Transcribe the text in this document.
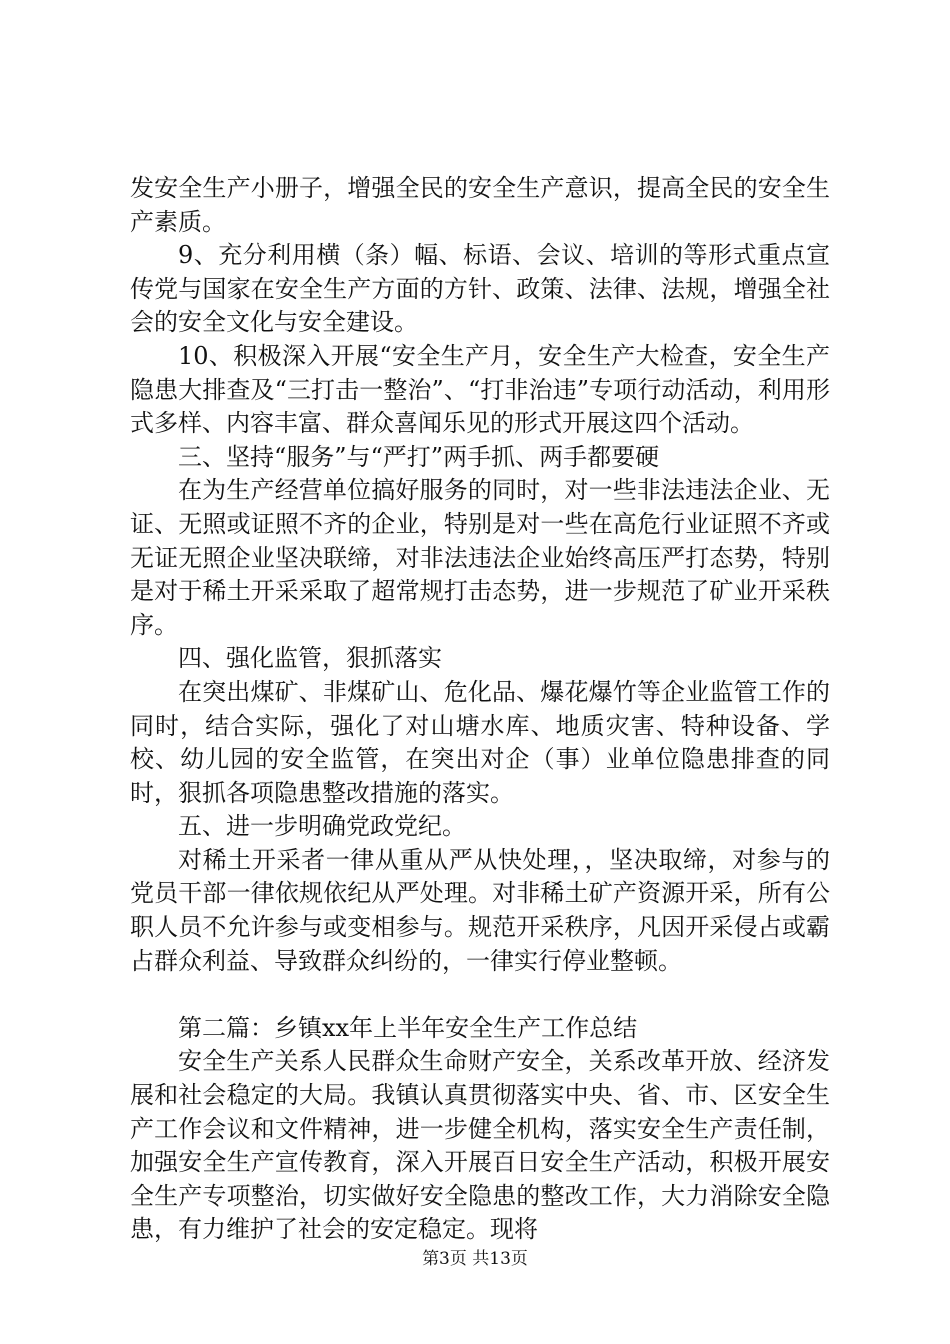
发安全生产小册子，增强全民的安全生产意识，提高全民的安全生产素质。

9、充分利用横（条）幅、标语、会议、培训的等形式重点宣传党与国家在安全生产方面的方针、政策、法律、法规，增强全社会的安全文化与安全建设。

10、积极深入开展“安全生产月，安全生产大检查，安全生产隐患大排查及“三打击一整治”、“打非治违”专项行动活动，利用形式多样、内容丰富、群众喜闻乐见的形式开展这四个活动。

三、坚持“服务”与“严打”两手抓、两手都要硬

在为生产经营单位搞好服务的同时，对一些非法违法企业、无证、无照或证照不齐的企业，特别是对一些在高危行业证照不齐或无证无照企业坚决联缔，对非法违法企业始终高压严打态势，特别是对于稀土开采采取了超常规打击态势，进一步规范了矿业开采秩序。

四、强化监管，狠抓落实

在突出煤矿、非煤矿山、危化品、爆花爆竹等企业监管工作的同时，结合实际，强化了对山塘水库、地质灾害、特种设备、学校、幼儿园的安全监管，在突出对企（事）业单位隐患排查的同时，狠抓各项隐患整改措施的落实。

五、进一步明确党政党纪。

对稀土开采者一律从重从严从快处理，，坚决取缔，对参与的党员干部一律依规依纪从严处理。对非稀土矿产资源开采，所有公职人员不允许参与或变相参与。规范开采秩序，凡因开采侵占或霸占群众利益、导致群众纠纷的，一律实行停业整顿。

第二篇：乡镇xx年上半年安全生产工作总结

安全生产关系人民群众生命财产安全，关系改革开放、经济发展和社会稳定的大局。我镇认真贯彻落实中央、省、市、区安全生产工作会议和文件精神，进一步健全机构，落实安全生产责任制，加强安全生产宣传教育，深入开展百日安全生产活动，积极开展安全生产专项整治，切实做好安全隐患的整改工作，大力消除安全隐患，有力维护了社会的安定稳定。现将

第3页 共13页
